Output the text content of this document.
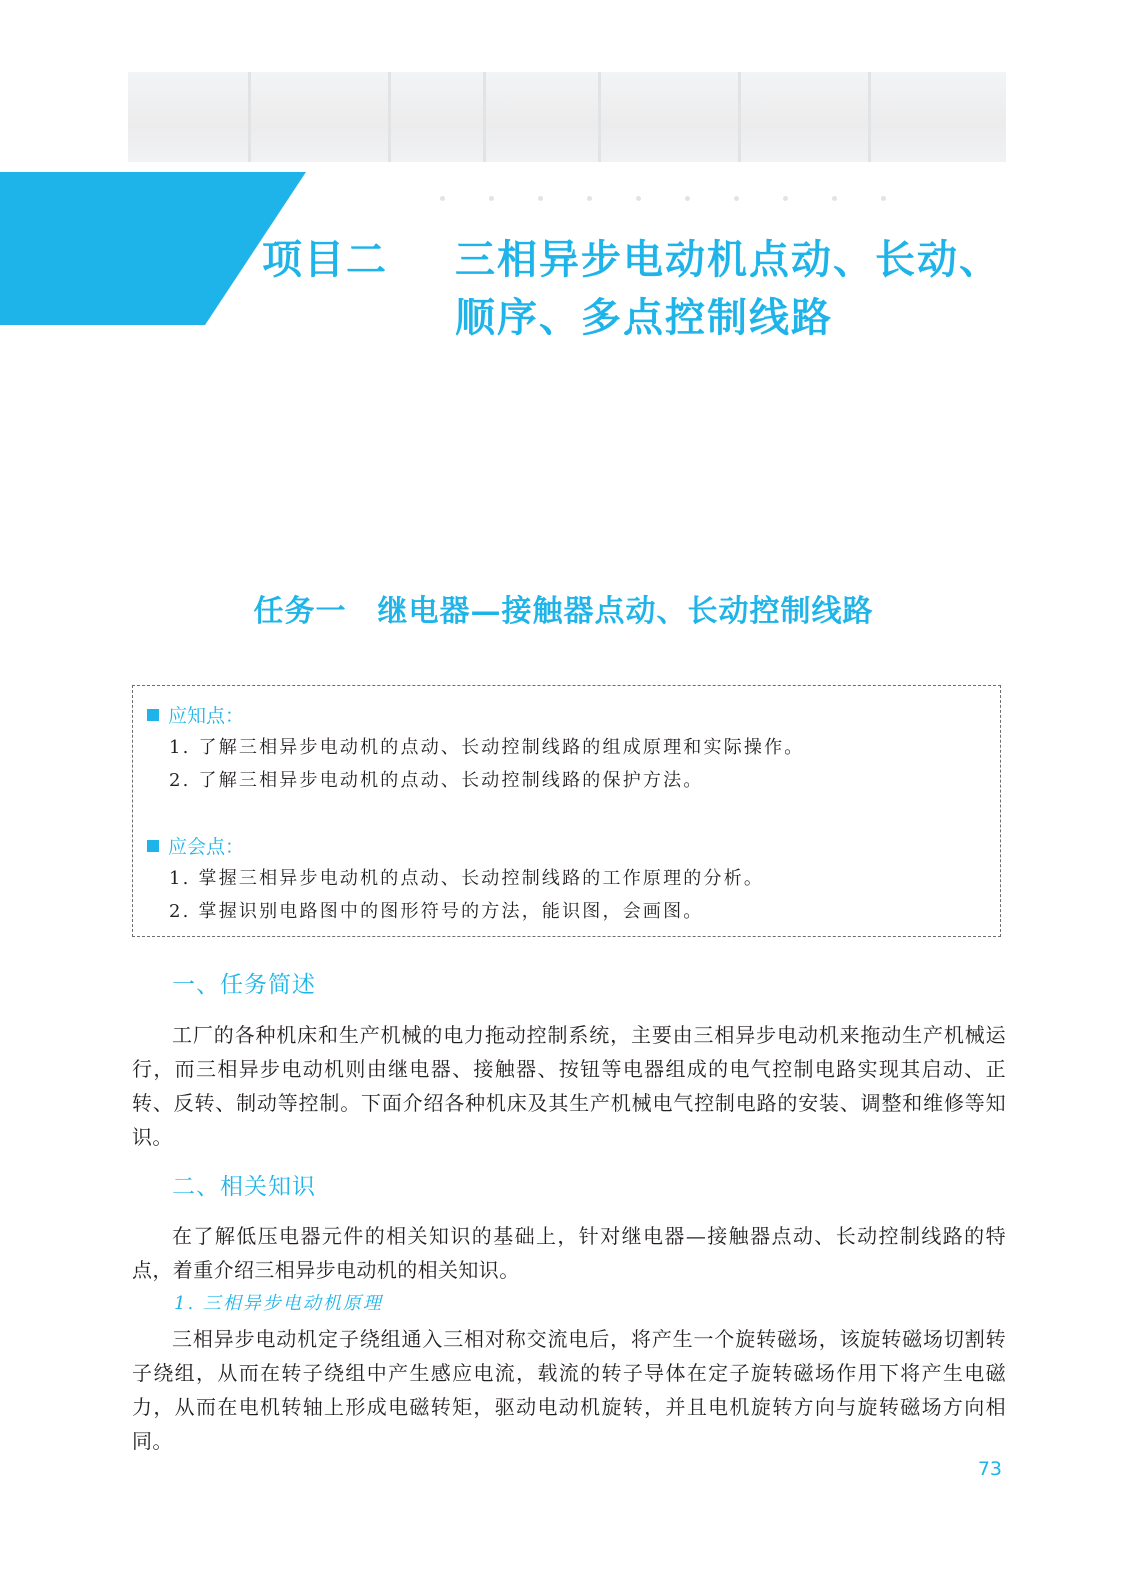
项目二 三相异步电动机点动、长动、
顺序、多点控制线路
任务一　继电器—接触器点动、长动控制线路
应知点：
1. 了解三相异步电动机的点动、长动控制线路的组成原理和实际操作。
2. 了解三相异步电动机的点动、长动控制线路的保护方法。
应会点：
1. 掌握三相异步电动机的点动、长动控制线路的工作原理的分析。
2. 掌握识别电路图中的图形符号的方法，能识图，会画图。
一、任务简述

工厂的各种机床和生产机械的电力拖动控制系统，主要由三相异步电动机来拖动生产机械运行，而三相异步电动机则由继电器、接触器、按钮等电器组成的电气控制电路实现其启动、正转、反转、制动等控制。下面介绍各种机床及其生产机械电气控制电路的安装、调整和维修等知识。

二、相关知识

在了解低压电器元件的相关知识的基础上，针对继电器—接触器点动、长动控制线路的特点，着重介绍三相异步电动机的相关知识。

1. 三相异步电动机原理

三相异步电动机定子绕组通入三相对称交流电后，将产生一个旋转磁场，该旋转磁场切割转子绕组，从而在转子绕组中产生感应电流，载流的转子导体在定子旋转磁场作用下将产生电磁力，从而在电机转轴上形成电磁转矩，驱动电动机旋转，并且电机旋转方向与旋转磁场方向相同。

73
